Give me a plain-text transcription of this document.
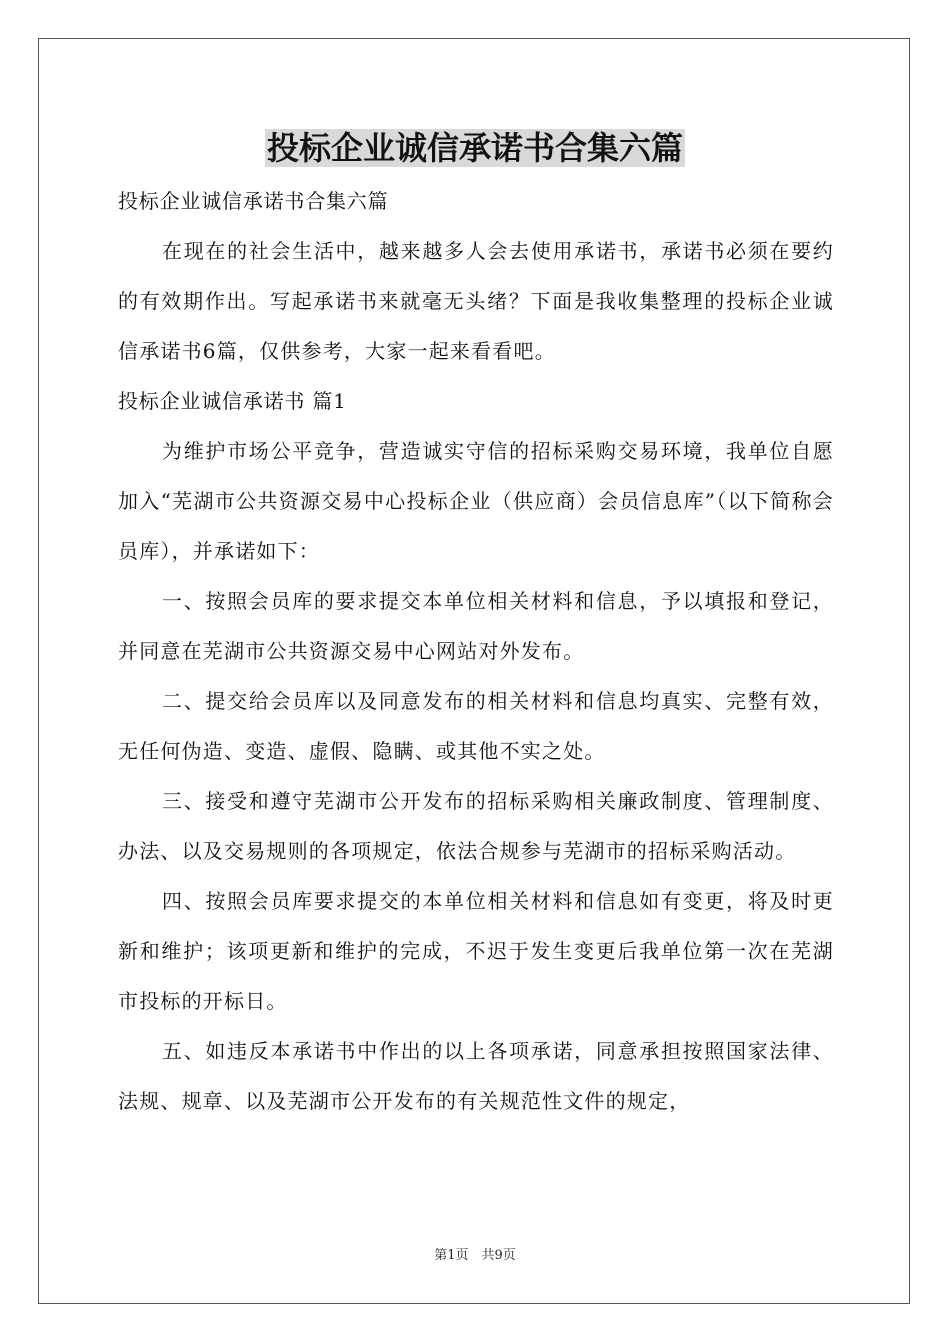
投标企业诚信承诺书合集六篇

投标企业诚信承诺书合集六篇

在现在的社会生活中，越来越多人会去使用承诺书，承诺书必须在要约的有效期作出。写起承诺书来就毫无头绪？下面是我收集整理的投标企业诚信承诺书6篇，仅供参考，大家一起来看看吧。

投标企业诚信承诺书 篇1

为维护市场公平竞争，营造诚实守信的招标采购交易环境，我单位自愿加入“芜湖市公共资源交易中心投标企业（供应商）会员信息库”（以下简称会员库），并承诺如下：

一、按照会员库的要求提交本单位相关材料和信息，予以填报和登记，并同意在芜湖市公共资源交易中心网站对外发布。

二、提交给会员库以及同意发布的相关材料和信息均真实、完整有效，无任何伪造、变造、虚假、隐瞒、或其他不实之处。

三、接受和遵守芜湖市公开发布的招标采购相关廉政制度、管理制度、办法、以及交易规则的各项规定，依法合规参与芜湖市的招标采购活动。

四、按照会员库要求提交的本单位相关材料和信息如有变更，将及时更新和维护；该项更新和维护的完成，不迟于发生变更后我单位第一次在芜湖市投标的开标日。

五、如违反本承诺书中作出的以上各项承诺，同意承担按照国家法律、法规、规章、以及芜湖市公开发布的有关规范性文件的规定，

第1页　共9页
